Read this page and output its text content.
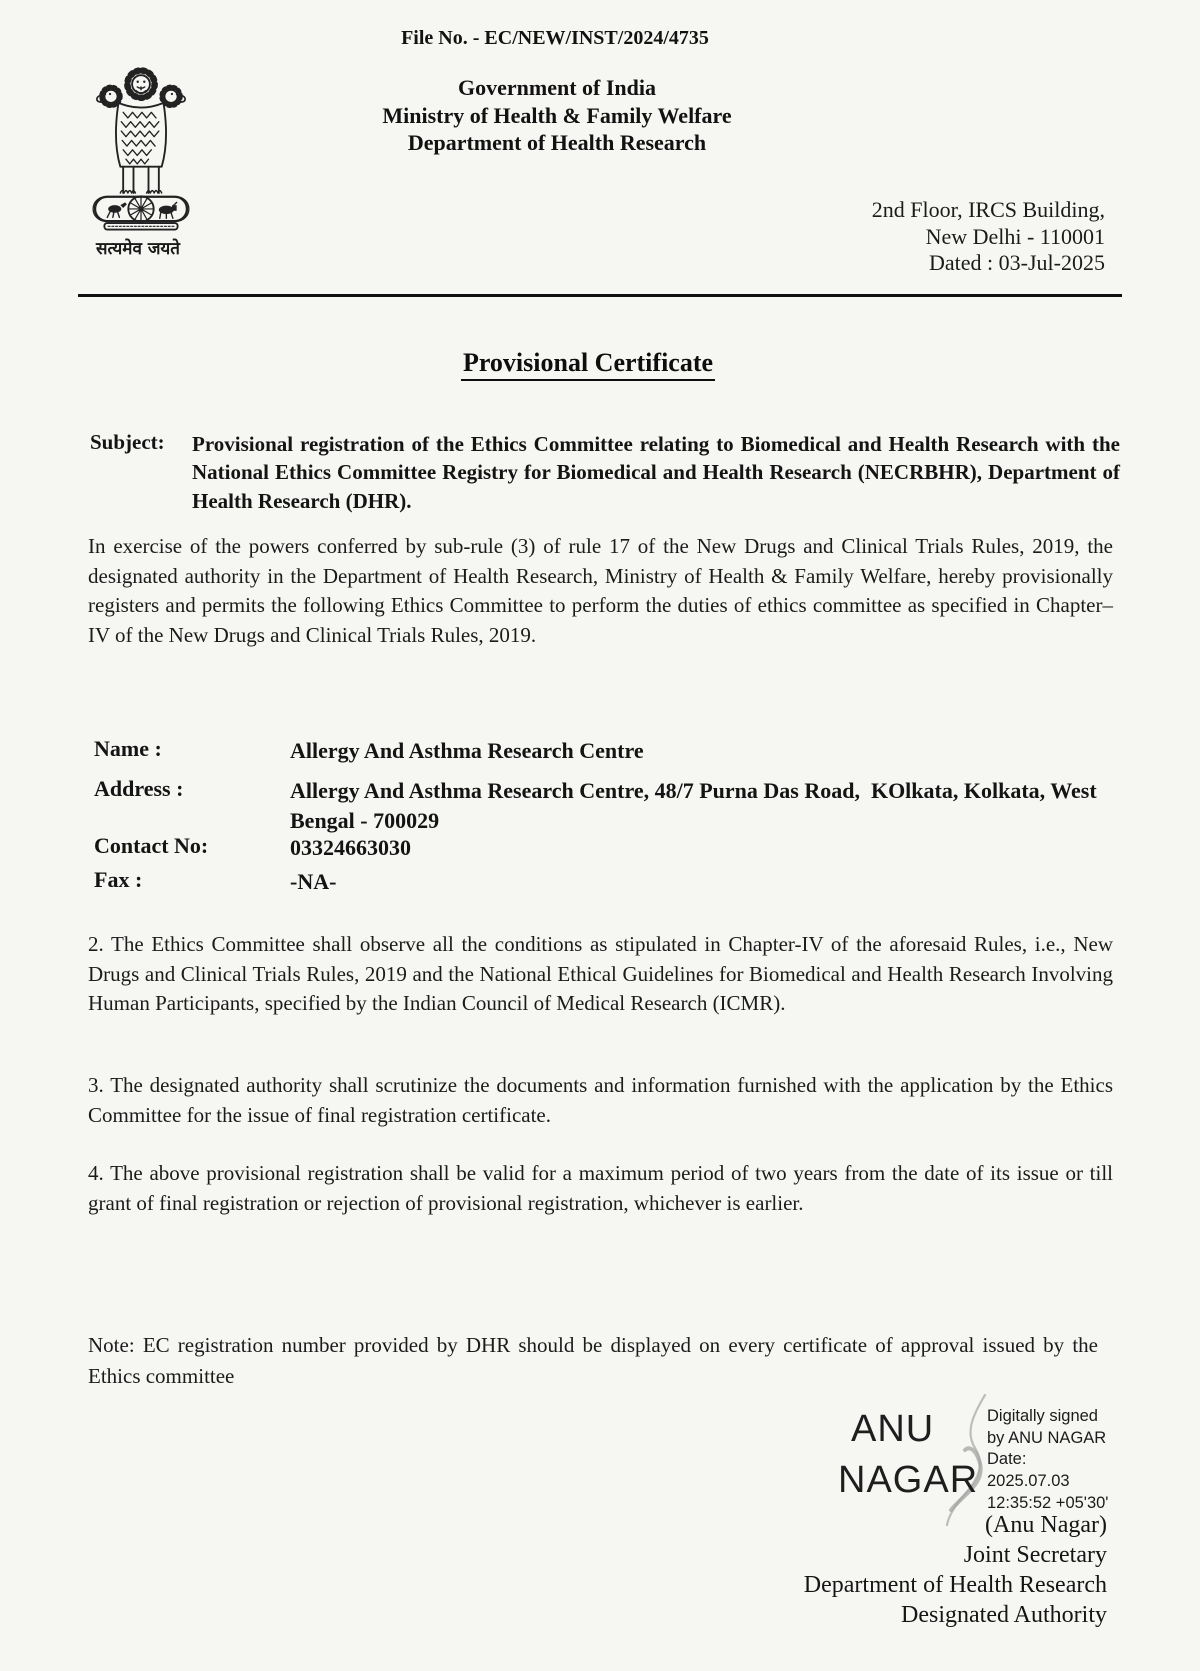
File No. - EC/NEW/INST/2024/4735
सत्यमेव जयते
Government of India
Ministry of Health & Family Welfare
Department of Health Research
2nd Floor, IRCS Building,
New Delhi - 110001
Dated : 03-Jul-2025
Provisional Certificate
Subject: Provisional registration of the Ethics Committee relating to Biomedical and Health Research with the National Ethics Committee Registry for Biomedical and Health Research (NECRBHR), Department of Health Research (DHR).
In exercise of the powers conferred by sub-rule (3) of rule 17 of the New Drugs and Clinical Trials Rules, 2019, the designated authority in the Department of Health Research, Ministry of Health & Family Welfare, hereby provisionally registers and permits the following Ethics Committee to perform the duties of ethics committee as specified in Chapter–IV of the New Drugs and Clinical Trials Rules, 2019.
Name :	Allergy And Asthma Research Centre
Address :	Allergy And Asthma Research Centre, 48/7 Purna Das Road,  KOlkata, Kolkata, West Bengal - 700029
Contact No:	03324663030
Fax :	-NA-
2. The Ethics Committee shall observe all the conditions as stipulated in Chapter-IV of the aforesaid Rules, i.e., New Drugs and Clinical Trials Rules, 2019 and the National Ethical Guidelines for Biomedical and Health Research Involving Human Participants, specified by the Indian Council of Medical Research (ICMR).
3. The designated authority shall scrutinize the documents and information furnished with the application by the Ethics Committee for the issue of final registration certificate.
4. The above provisional registration shall be valid for a maximum period of two years from the date of its issue or till grant of final registration or rejection of provisional registration, whichever is earlier.
Note: EC registration number provided by DHR should be displayed on every certificate of approval issued by the Ethics committee
ANU
NAGAR
Digitally signed
by ANU NAGAR
Date:
2025.07.03
12:35:52 +05'30'
(Anu Nagar)
Joint Secretary
Department of Health Research
Designated Authority
